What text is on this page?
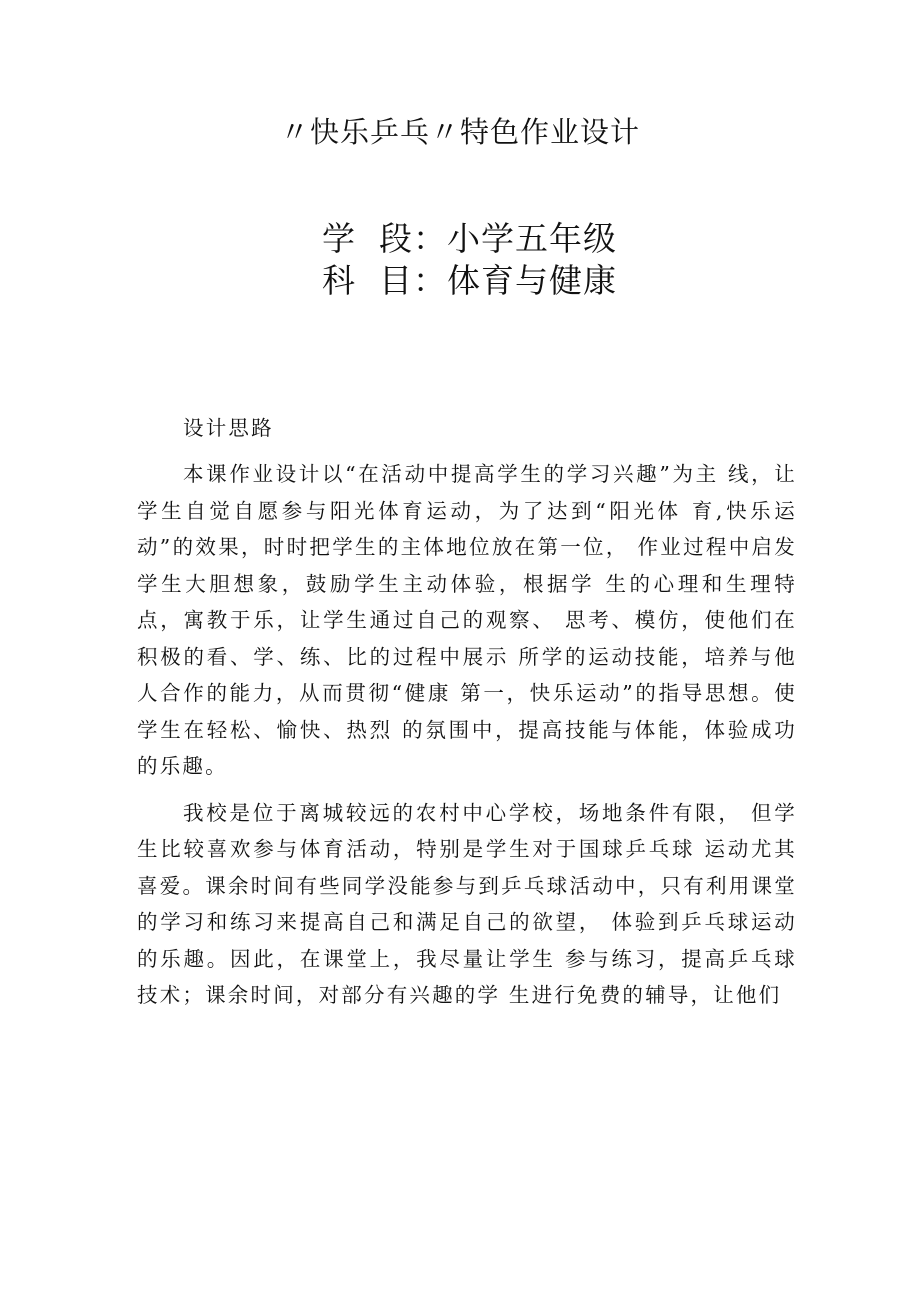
〃快乐乒乓〃特色作业设计
学  段：小学五年级
科  目：体育与健康
设计思路

本课作业设计以“在活动中提高学生的学习兴趣”为主 线，让学生自觉自愿参与阳光体育运动，为了达到“阳光体 育,快乐运动”的效果，时时把学生的主体地位放在第一位， 作业过程中启发学生大胆想象，鼓励学生主动体验，根据学 生的心理和生理特点，寓教于乐，让学生通过自己的观察、 思考、模仿，使他们在积极的看、学、练、比的过程中展示 所学的运动技能，培养与他人合作的能力，从而贯彻“健康 第一，快乐运动”的指导思想。使学生在轻松、愉快、热烈 的氛围中，提高技能与体能，体验成功的乐趣。

我校是位于离城较远的农村中心学校，场地条件有限， 但学生比较喜欢参与体育活动，特别是学生对于国球乒乓球 运动尤其喜爱。课余时间有些同学没能参与到乒乓球活动中，只有利用课堂的学习和练习来提高自己和满足自己的欲望， 体验到乒乓球运动的乐趣。因此，在课堂上，我尽量让学生 参与练习，提高乒乓球技术；课余时间，对部分有兴趣的学 生进行免费的辅导，让他们
